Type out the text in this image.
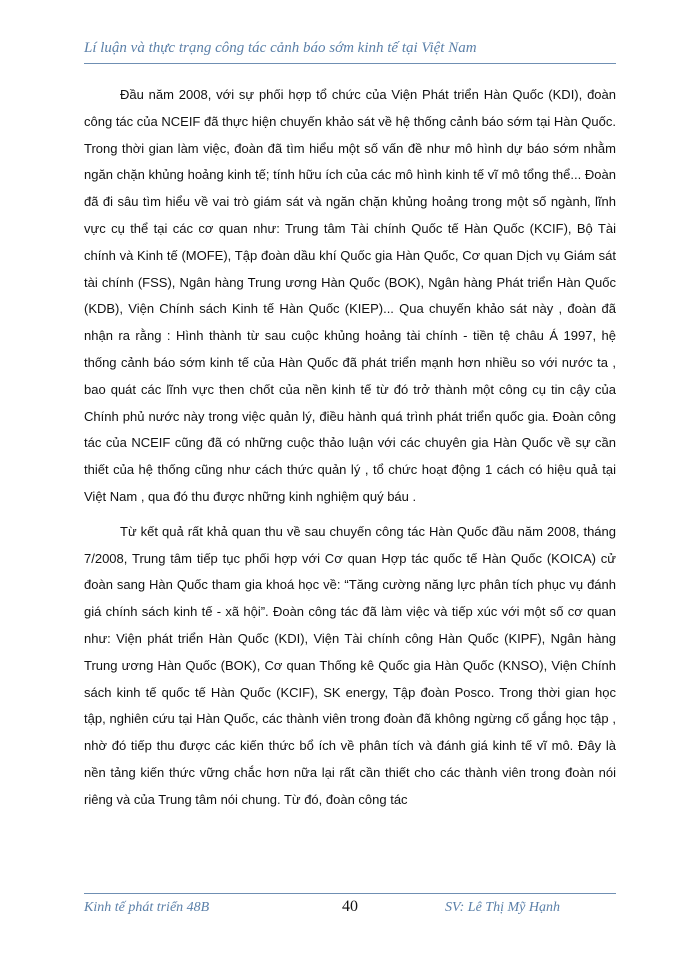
Lí luận và thực trạng công tác cảnh báo sớm kinh tế tại Việt Nam

Đầu năm 2008, với sự phối hợp tổ chức của Viện Phát triển Hàn Quốc (KDI), đoàn công tác của NCEIF đã thực hiện chuyến khảo sát về hệ thống cảnh báo sớm tại Hàn Quốc. Trong thời gian làm việc, đoàn đã tìm hiểu một số vấn đề như mô hình dự báo sớm nhằm ngăn chặn khủng hoảng kinh tế; tính hữu ích của các mô hình kinh tế vĩ mô tổng thể... Đoàn đã đi sâu tìm hiểu về vai trò giám sát và ngăn chặn khủng hoảng trong một số ngành, lĩnh vực cụ thể tại các cơ quan như: Trung tâm Tài chính Quốc tế Hàn Quốc (KCIF), Bộ Tài chính và Kinh tế (MOFE), Tập đoàn dầu khí Quốc gia Hàn Quốc, Cơ quan Dịch vụ Giám sát tài chính (FSS), Ngân hàng Trung ương Hàn Quốc (BOK), Ngân hàng Phát triển Hàn Quốc (KDB), Viện Chính sách Kinh tế Hàn Quốc (KIEP)... Qua chuyến khảo sát này , đoàn đã nhận ra rằng : Hình thành từ sau cuộc khủng hoảng tài chính - tiền tệ châu Á 1997, hệ thống cảnh báo sớm kinh tế của Hàn Quốc đã phát triển mạnh hơn nhiều so với nước ta , bao quát các lĩnh vực then chốt của nền kinh tế từ đó trở thành một công cụ tin cậy của Chính phủ nước này trong việc quản lý, điều hành quá trình phát triển quốc gia. Đoàn công tác của NCEIF cũng đã có những cuộc thảo luận với các chuyên gia Hàn Quốc về sự cần thiết của hệ thống cũng như cách thức quản lý , tổ chức hoạt động 1 cách có hiệu quả tại Việt Nam , qua đó thu được những kinh nghiệm quý báu .

Từ kết quả rất khả quan thu về sau chuyến công tác Hàn Quốc đầu năm 2008, tháng 7/2008, Trung tâm tiếp tục phối hợp với Cơ quan Hợp tác quốc tế Hàn Quốc (KOICA) cử đoàn sang Hàn Quốc tham gia khoá học về: “Tăng cường năng lực phân tích phục vụ đánh giá chính sách kinh tế - xã hội”. Đoàn công tác đã làm việc và tiếp xúc với một số cơ quan như: Viện phát triển Hàn Quốc (KDI), Viện Tài chính công Hàn Quốc (KIPF), Ngân hàng Trung ương Hàn Quốc (BOK), Cơ quan Thống kê Quốc gia Hàn Quốc (KNSO), Viện Chính sách kinh tế quốc tế Hàn Quốc (KCIF), SK energy, Tập đoàn Posco. Trong thời gian học tập, nghiên cứu tại Hàn Quốc, các thành viên trong đoàn đã không ngừng cố gắng học tập , nhờ đó tiếp thu được các kiến thức bổ ích về phân tích và đánh giá kinh tế vĩ mô. Đây là nền tảng kiến thức vững chắc hơn nữa lại rất cần thiết cho các thành viên trong đoàn nói riêng và của Trung tâm nói chung. Từ đó, đoàn công tác

Kinh tế phát triển 48B	40	SV: Lê Thị Mỹ Hạnh
